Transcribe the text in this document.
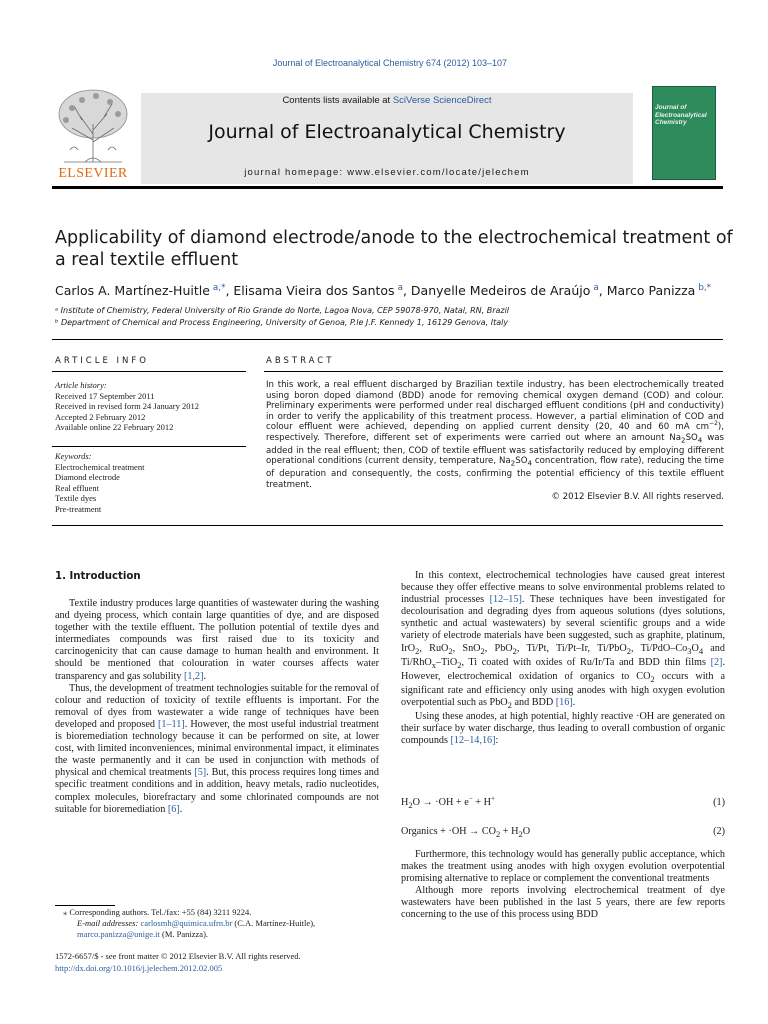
Journal of Electroanalytical Chemistry 674 (2012) 103–107
Contents lists available at SciVerse ScienceDirect
Journal of Electroanalytical Chemistry
journal homepage: www.elsevier.com/locate/jelechem
ELSEVIER
Journal of Electroanalytical Chemistry
Applicability of diamond electrode/anode to the electrochemical treatment of a real textile effluent
Carlos A. Martínez-Huitle $^{a,*}$, Elisama Vieira dos Santos $^a$, Danyelle Medeiros de Araújo $^a$, Marco Panizza $^{b,*}$
ᵃ Institute of Chemistry, Federal University of Rio Grande do Norte, Lagoa Nova, CEP 59078-970, Natal, RN, Brazil
ᵇ Department of Chemical and Process Engineering, University of Genoa, P.le J.F. Kennedy 1, 16129 Genova, Italy
ARTICLE INFO
Article history:
Received 17 September 2011
Received in revised form 24 January 2012
Accepted 2 February 2012
Available online 22 February 2012
Keywords:
Electrochemical treatment
Diamond electrode
Real effluent
Textile dyes
Pre-treatment
ABSTRACT
In this work, a real effluent discharged by Brazilian textile industry, has been electrochemically treated using boron doped diamond (BDD) anode for removing chemical oxygen demand (COD) and colour. Preliminary experiments were performed under real discharged effluent conditions (pH and conductivity) in order to verify the applicability of this treatment process. However, a partial elimination of COD and colour effluent were achieved, depending on applied current density (20, 40 and 60 mA $cm^{-2}$), respectively. Therefore, different set of experiments were carried out where an amount $Na_2SO_4$ was added in the real effluent; then, COD of textile effluent was satisfactorily reduced by employing different operational conditions (current density, temperature, $Na_2SO_4$ concentration, flow rate), reducing the time of depuration and consequently, the costs, confirming the potential efficiency of this textile effluent treatment.
© 2012 Elsevier B.V. All rights reserved.
1. Introduction

Textile industry produces large quantities of wastewater during the washing and dyeing process, which contain large quantities of dye, and are disposed together with the textile effluent. The pollution potential of textile dyes and intermediates compounds was first raised due to its toxicity and carcinogenicity that can cause damage to human health and environment. It should be mentioned that colouration in water courses affects water transparency and gas solubility [1,2].

Thus, the development of treatment technologies suitable for the removal of colour and reduction of toxicity of textile effluents is important. For the removal of dyes from wastewater a wide range of techniques have been developed and proposed [1–11]. However, the most useful industrial treatment is bioremediation technology because it can be performed on site, at lower cost, with limited inconveniences, minimal environmental impact, it eliminates the waste permanently and it can be used in conjunction with methods of physical and chemical treatments [5]. But, this process requires long times and specific treatment conditions and in addition, heavy metals, radio nucleotides, complex molecules, biorefractary and some chlorinated compounds are not suitable for bioremediation [6].

⁎ Corresponding authors. Tel./fax: +55 (84) 3211 9224.
E-mail addresses: carlosmh@quimica.ufrn.br (C.A. Martínez-Huitle), marco.panizza@unige.it (M. Panizza).
1572-6657/$ - see front matter © 2012 Elsevier B.V. All rights reserved.
http://dx.doi.org/10.1016/j.jelechem.2012.02.005

In this context, electrochemical technologies have caused great interest because they offer effective means to solve environmental problems related to industrial processes [12–15]. These techniques have been investigated for decolourisation and degrading dyes from aqueous solutions (dyes solutions, synthetic and actual wastewaters) by several scientific groups and a wide variety of electrode materials have been suggested, such as graphite, platinum, IrO$_2$, RuO$_2$, SnO$_2$, PbO$_2$, Ti/Pt, Ti/Pt–Ir, Ti/PbO$_2$, $Ti/PdO-Co_3O_4$ and Ti/RhO$_x$–TiO$_2$, Ti coated with oxides of Ru/Ir/Ta and BDD thin films [2]. However, electrochemical oxidation of organics to $CO_2$ occurs with a significant rate and efficiency only using anodes with high oxygen evolution overpotential such as PbO$_2$ and BDD [16].

Using these anodes, at high potential, highly reactive ·OH are generated on their surface by water discharge, thus leading to overall combustion of organic compounds [12–14,16]:

$H_2O \to \cdot OH + e^- + H^+$	(1)
Organics + $\cdot OH \to CO_2 + H_2O$	(2)

Furthermore, this technology would has generally public acceptance, which makes the treatment using anodes with high oxygen evolution overpotential promising alternative to replace or complement the conventional treatments

Although more reports involving electrochemical treatment of dye wastewaters have been published in the last 5 years, there are few reports concerning to the use of this process using BDD
